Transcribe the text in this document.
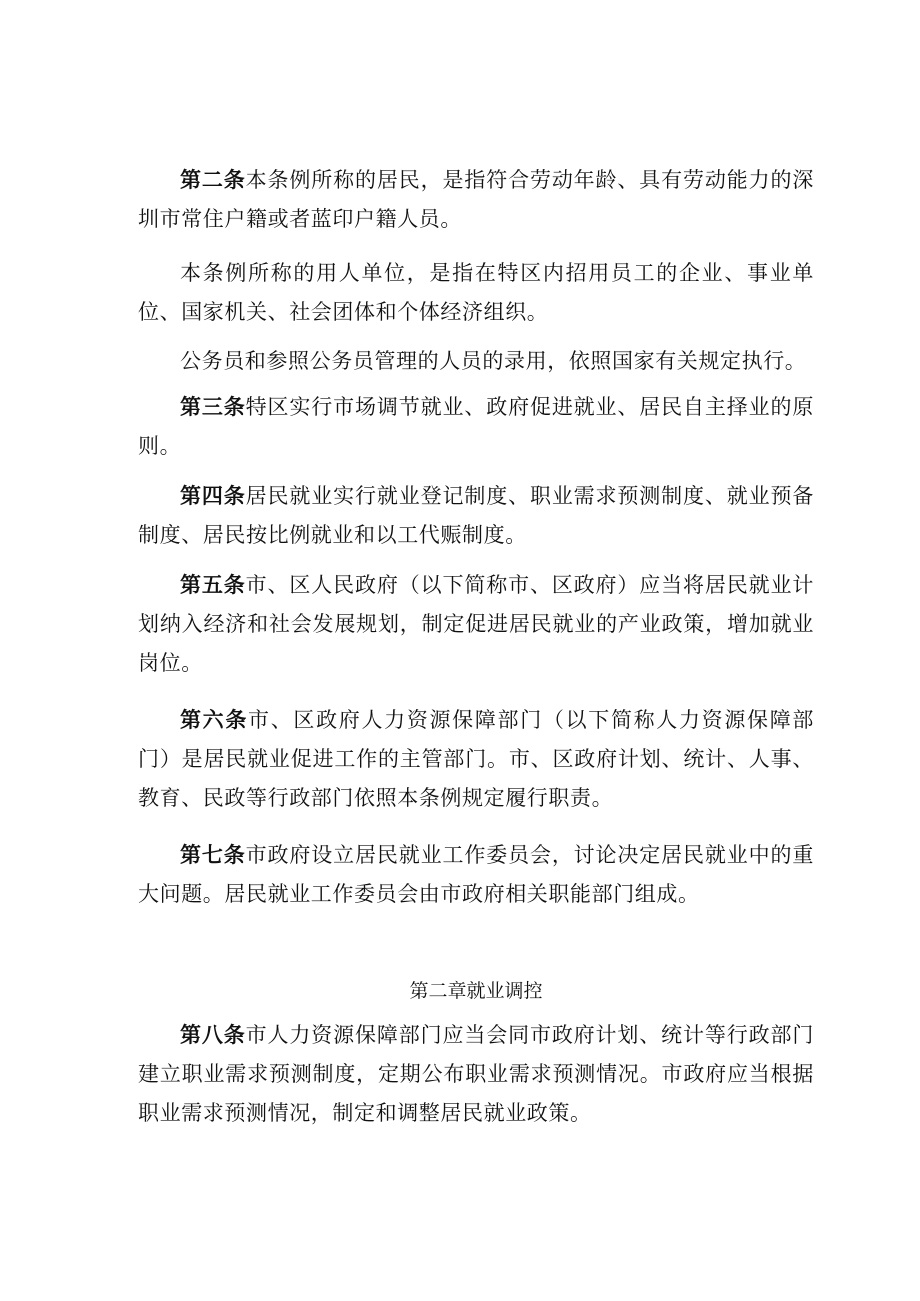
第二条本条例所称的居民，是指符合劳动年龄、具有劳动能力的深圳市常住户籍或者蓝印户籍人员。

本条例所称的用人单位，是指在特区内招用员工的企业、事业单位、国家机关、社会团体和个体经济组织。

公务员和参照公务员管理的人员的录用，依照国家有关规定执行。

第三条特区实行市场调节就业、政府促进就业、居民自主择业的原则。

第四条居民就业实行就业登记制度、职业需求预测制度、就业预备制度、居民按比例就业和以工代赈制度。

第五条市、区人民政府（以下简称市、区政府）应当将居民就业计划纳入经济和社会发展规划，制定促进居民就业的产业政策，增加就业岗位。

第六条市、区政府人力资源保障部门（以下简称人力资源保障部门）是居民就业促进工作的主管部门。市、区政府计划、统计、人事、教育、民政等行政部门依照本条例规定履行职责。

第七条市政府设立居民就业工作委员会，讨论决定居民就业中的重大问题。居民就业工作委员会由市政府相关职能部门组成。

第二章就业调控

第八条市人力资源保障部门应当会同市政府计划、统计等行政部门建立职业需求预测制度，定期公布职业需求预测情况。市政府应当根据职业需求预测情况，制定和调整居民就业政策。
